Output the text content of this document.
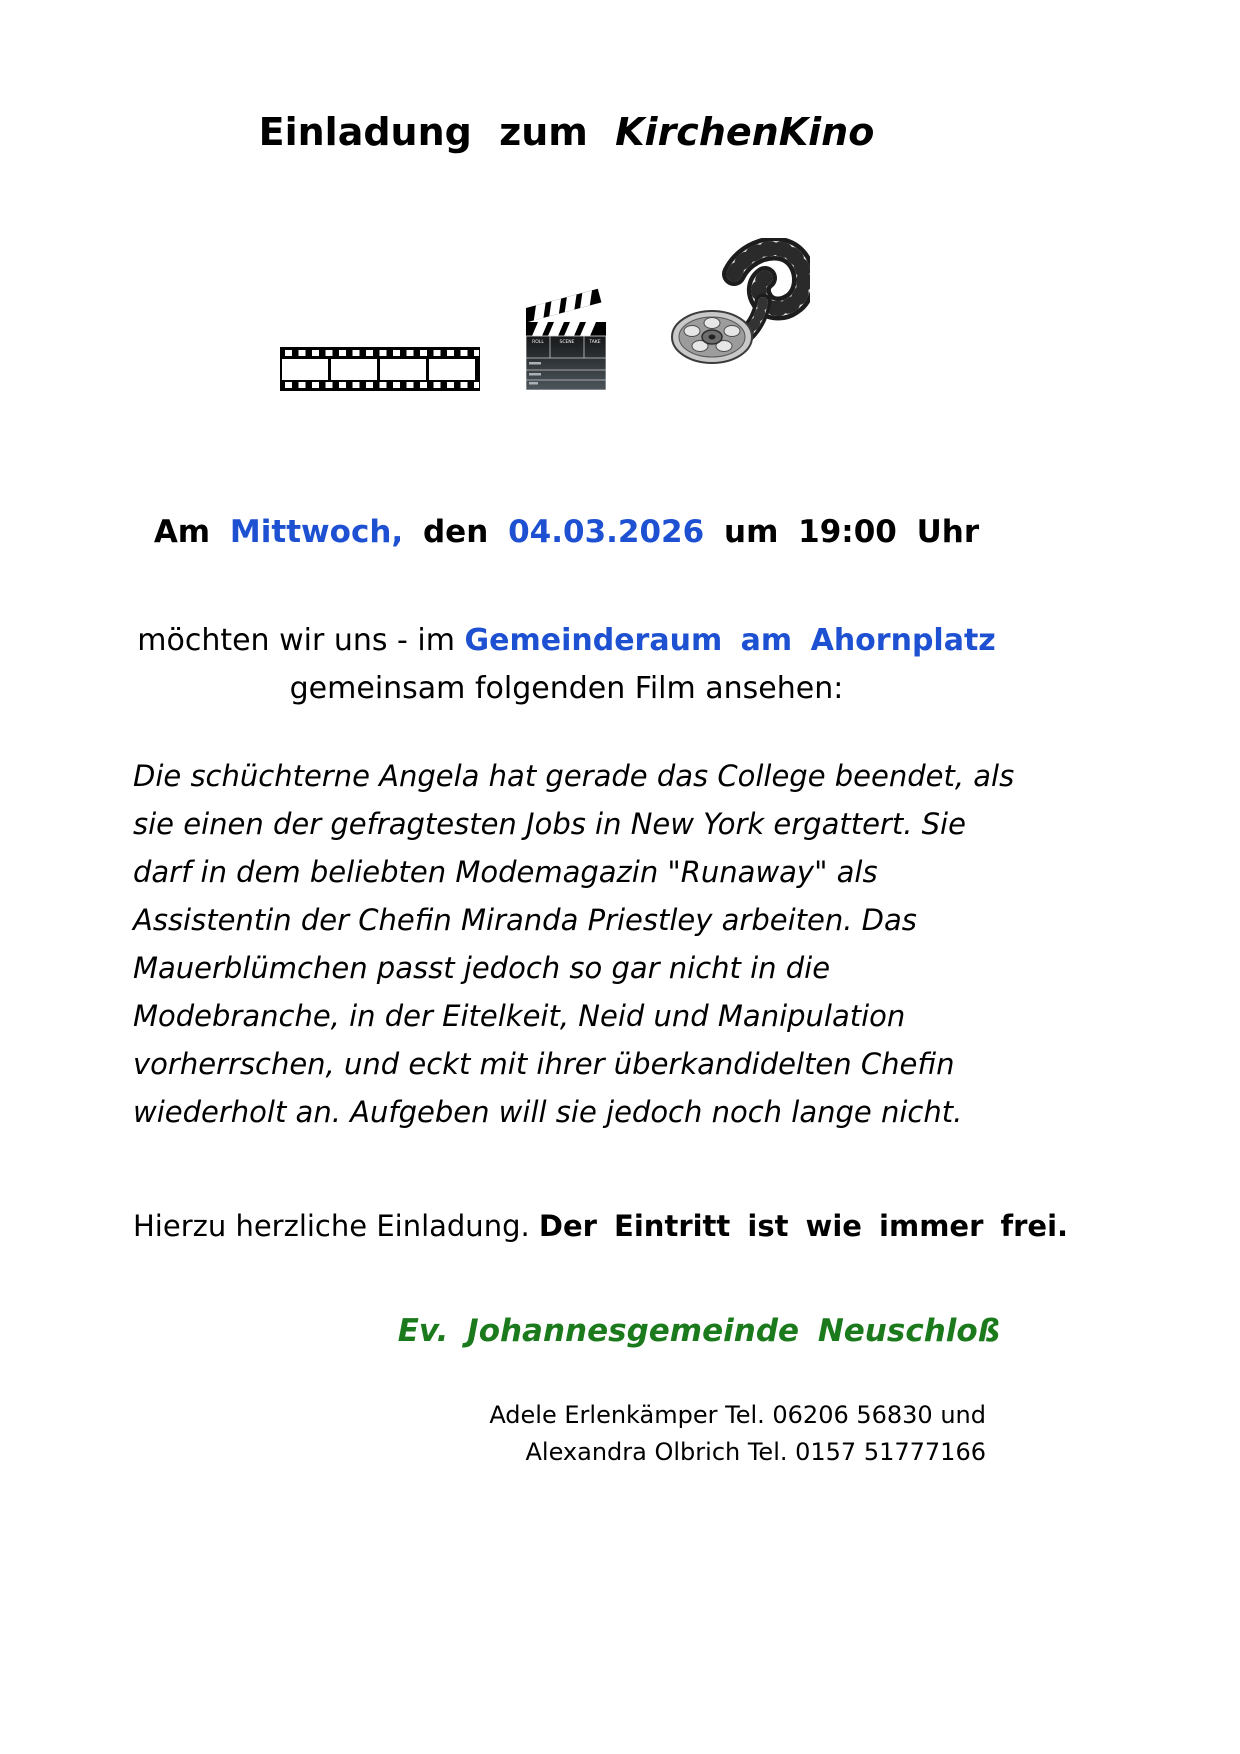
Einladung zum KirchenKino
ROLL	SCENE	TAKE
Am Mittwoch, den 04.03.2026 um 19:00 Uhr
möchten wir uns - im Gemeinderaum am Ahornplatz
gemeinsam folgenden Film ansehen:
Die schüchterne Angela hat gerade das College beendet, als
sie einen der gefragtesten Jobs in New York ergattert. Sie
darf in dem beliebten Modemagazin "Runaway" als
Assistentin der Chefin Miranda Priestley arbeiten. Das
Mauerblümchen passt jedoch so gar nicht in die
Modebranche, in der Eitelkeit, Neid und Manipulation
vorherrschen, und eckt mit ihrer überkandidelten Chefin
wiederholt an. Aufgeben will sie jedoch noch lange nicht.
Hierzu herzliche Einladung. Der Eintritt ist wie immer frei.
Ev. Johannesgemeinde Neuschloß
Adele Erlenkämper Tel. 06206 56830 und
Alexandra Olbrich Tel. 0157 51777166
